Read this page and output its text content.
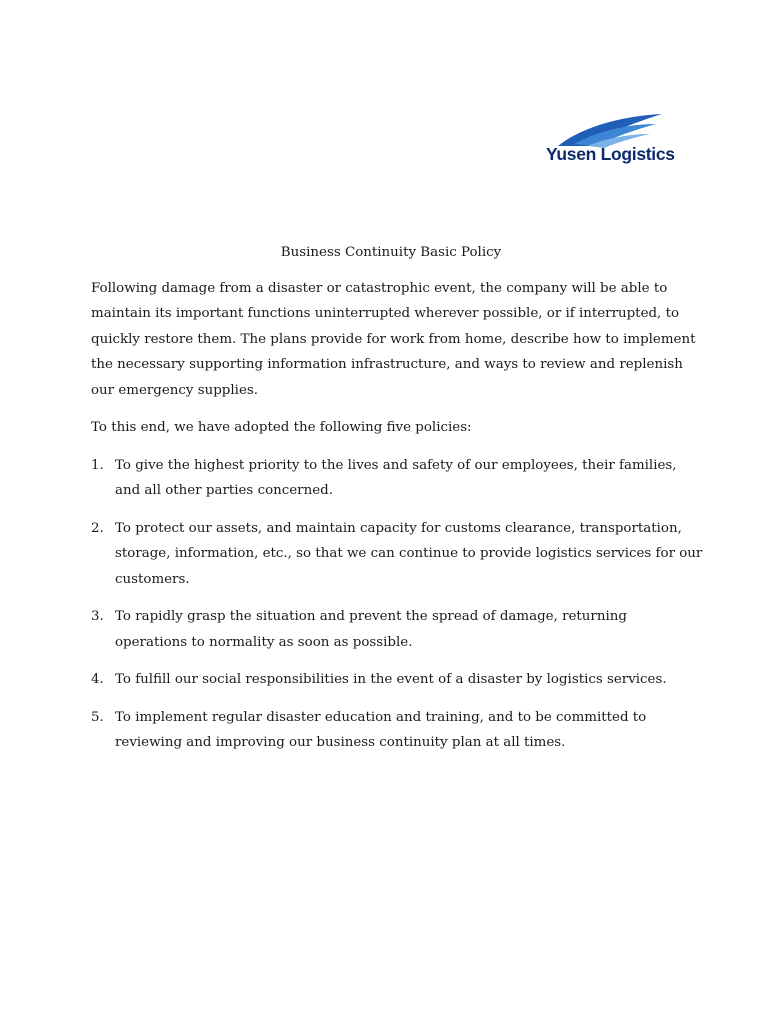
Yusen Logistics
Business Continuity Basic Policy

Following damage from a disaster or catastrophic event, the company will be able to maintain its important functions uninterrupted wherever possible, or if interrupted, to quickly restore them. The plans provide for work from home, describe how to implement the necessary supporting information infrastructure, and ways to review and replenish our emergency supplies.

To this end, we have adopted the following five policies:

1. To give the highest priority to the lives and safety of our employees, their families, and all other parties concerned.
2. To protect our assets, and maintain capacity for customs clearance, transportation, storage, information, etc., so that we can continue to provide logistics services for our customers.
3. To rapidly grasp the situation and prevent the spread of damage, returning operations to normality as soon as possible.
4. To fulfill our social responsibilities in the event of a disaster by logistics services.
5. To implement regular disaster education and training, and to be committed to reviewing and improving our business continuity plan at all times.
